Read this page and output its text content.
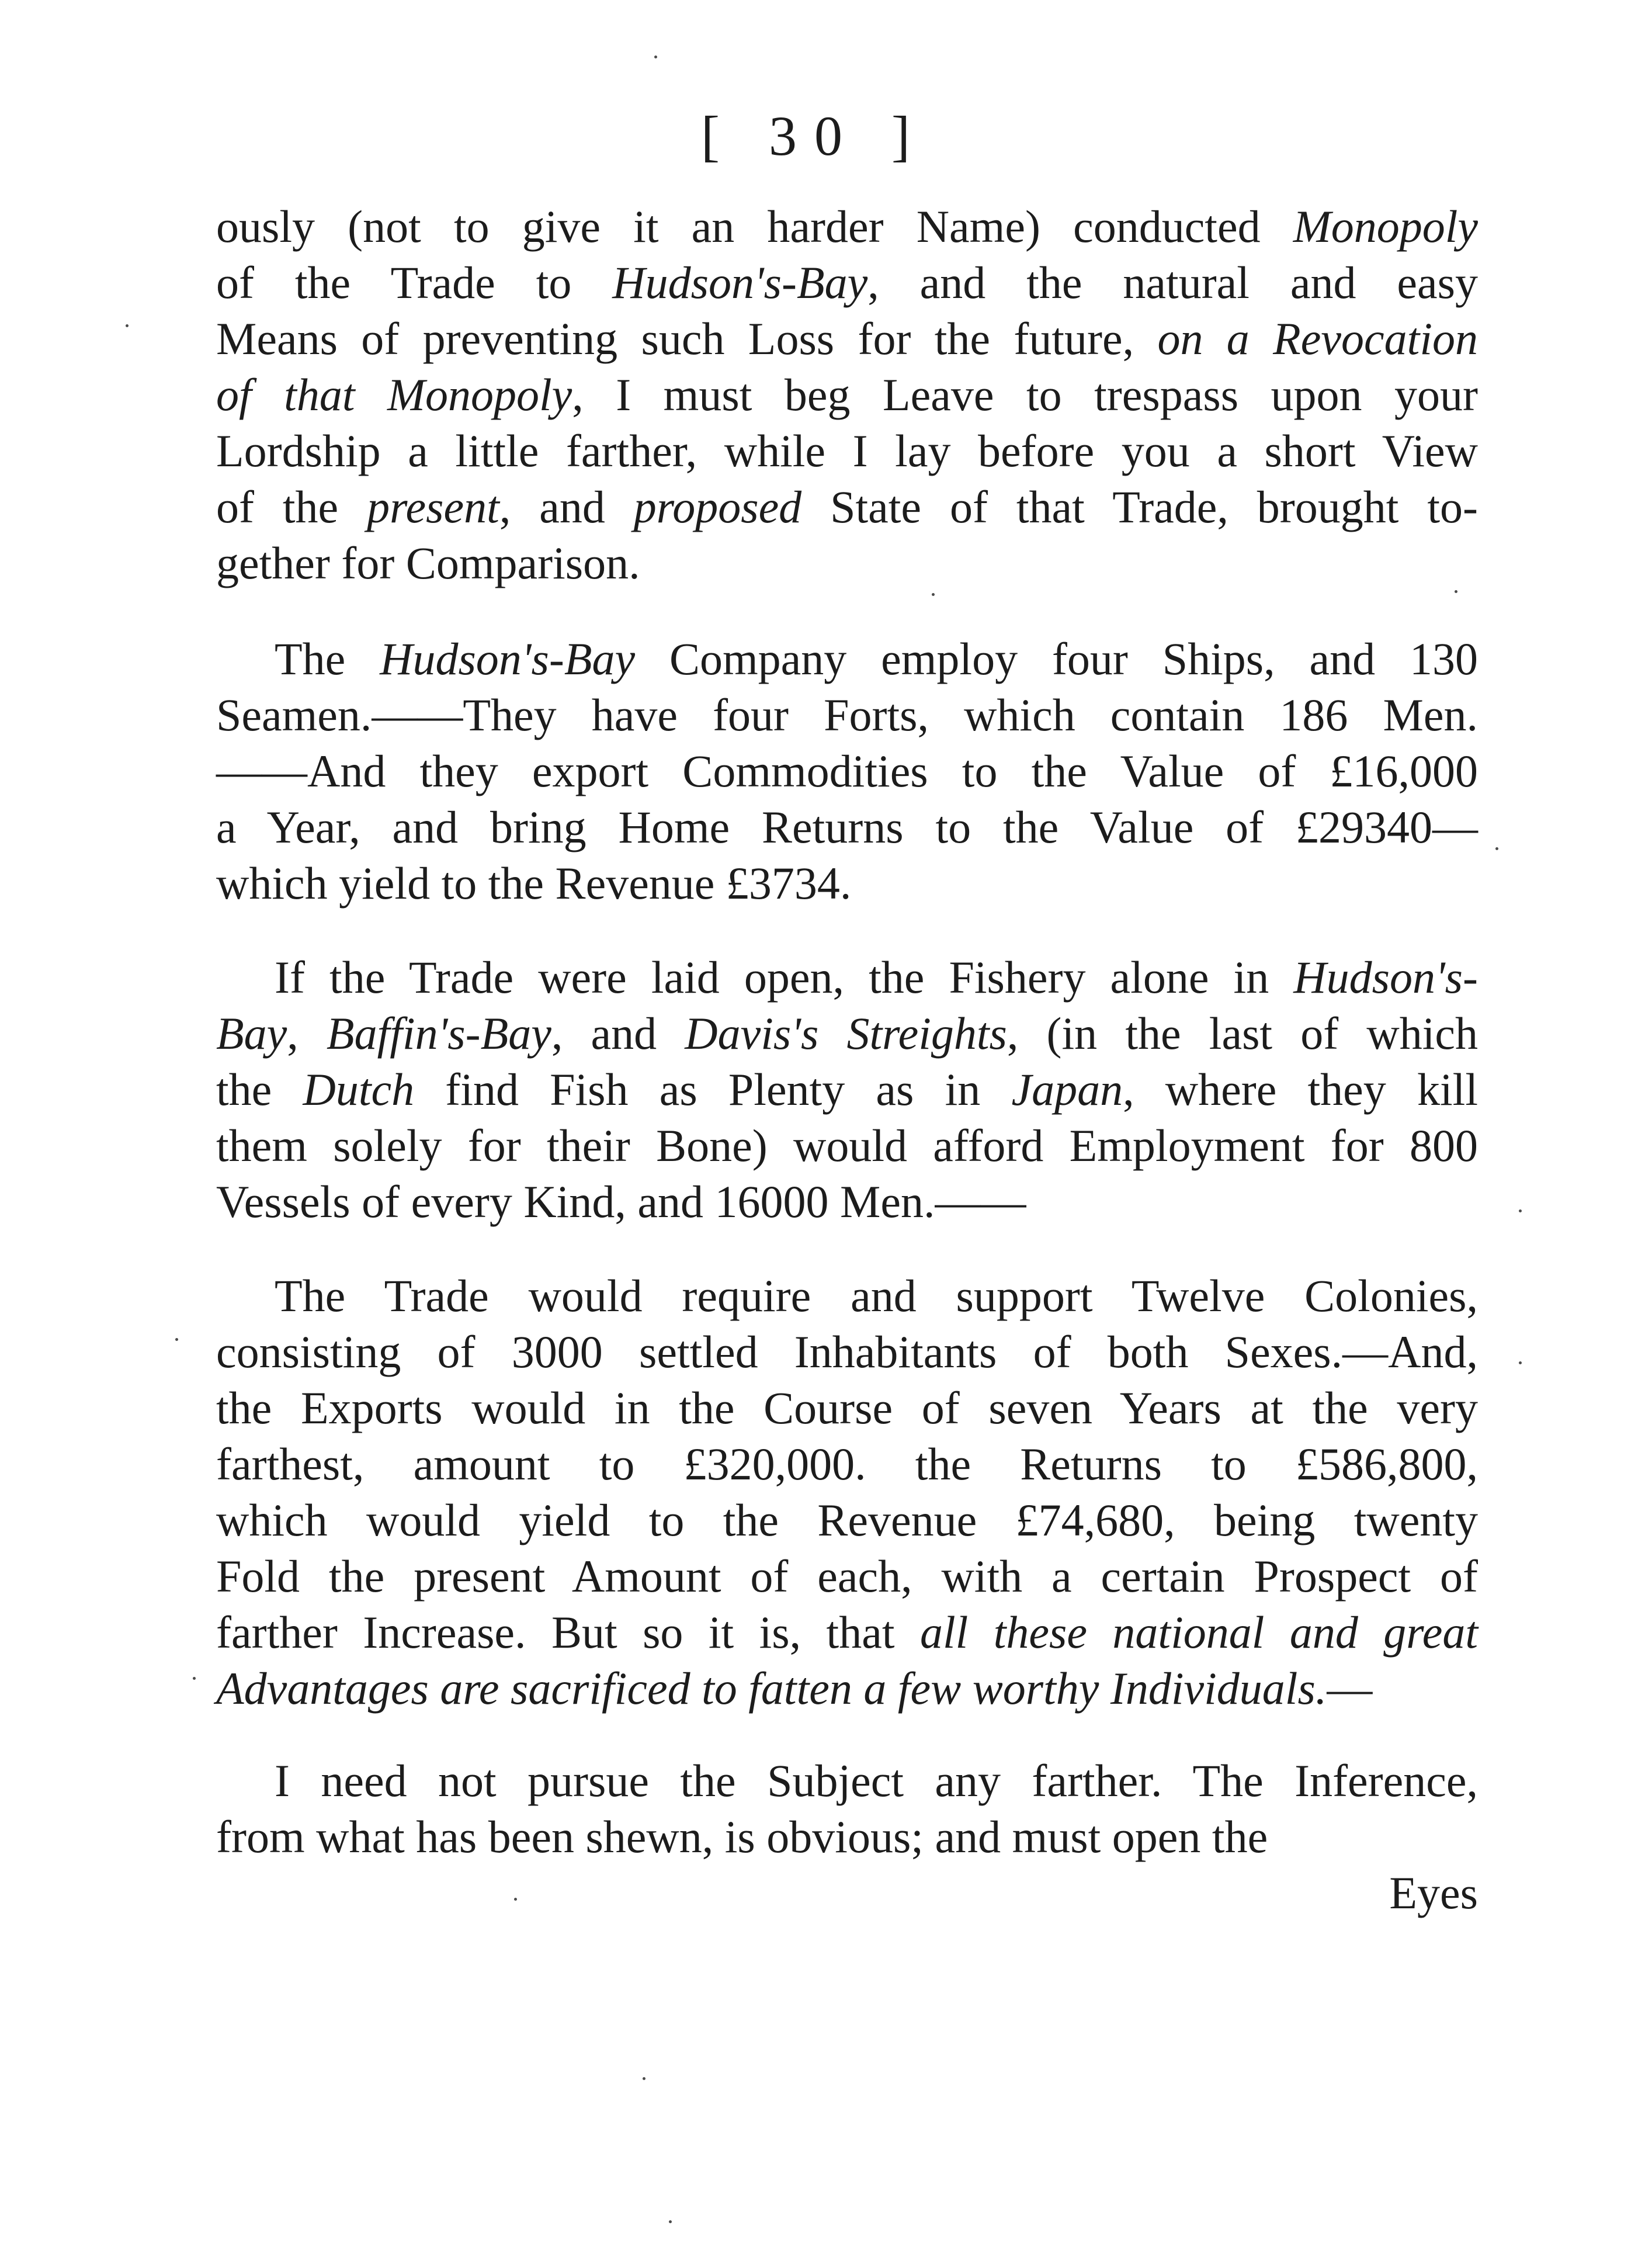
[ 30 ]
ously (not to give it an harder Name) conducted Monopoly
of the Trade to Hudson's-Bay, and the natural and easy
Means of preventing such Loss for the future, on a Revocation
of that Monopoly, I must beg Leave to trespass upon your
Lordship a little farther, while I lay before you a short View
of the present, and proposed State of that Trade, brought to-
gether for Comparison.
The Hudson's-Bay Company employ four Ships, and 130
Seamen.——They have four Forts, which contain 186 Men.
——And they export Commodities to the Value of £16,000
a Year, and bring Home Returns to the Value of £29340—
which yield to the Revenue £3734.
If the Trade were laid open, the Fishery alone in Hudson's-
Bay, Baffin's-Bay, and Davis's Streights, (in the last of which
the Dutch find Fish as Plenty as in Japan, where they kill
them solely for their Bone) would afford Employment for 800
Vessels of every Kind, and 16000 Men.——
The Trade would require and support Twelve Colonies,
consisting of 3000 settled Inhabitants of both Sexes.—And,
the Exports would in the Course of seven Years at the very
farthest, amount to £320,000. the Returns to £586,800,
which would yield to the Revenue £74,680, being twenty
Fold the present Amount of each, with a certain Prospect of
farther Increase. But so it is, that all these national and great
Advantages are sacrificed to fatten a few worthy Individuals.—
I need not pursue the Subject any farther. The Inference,
from what has been shewn, is obvious; and must open the
Eyes
